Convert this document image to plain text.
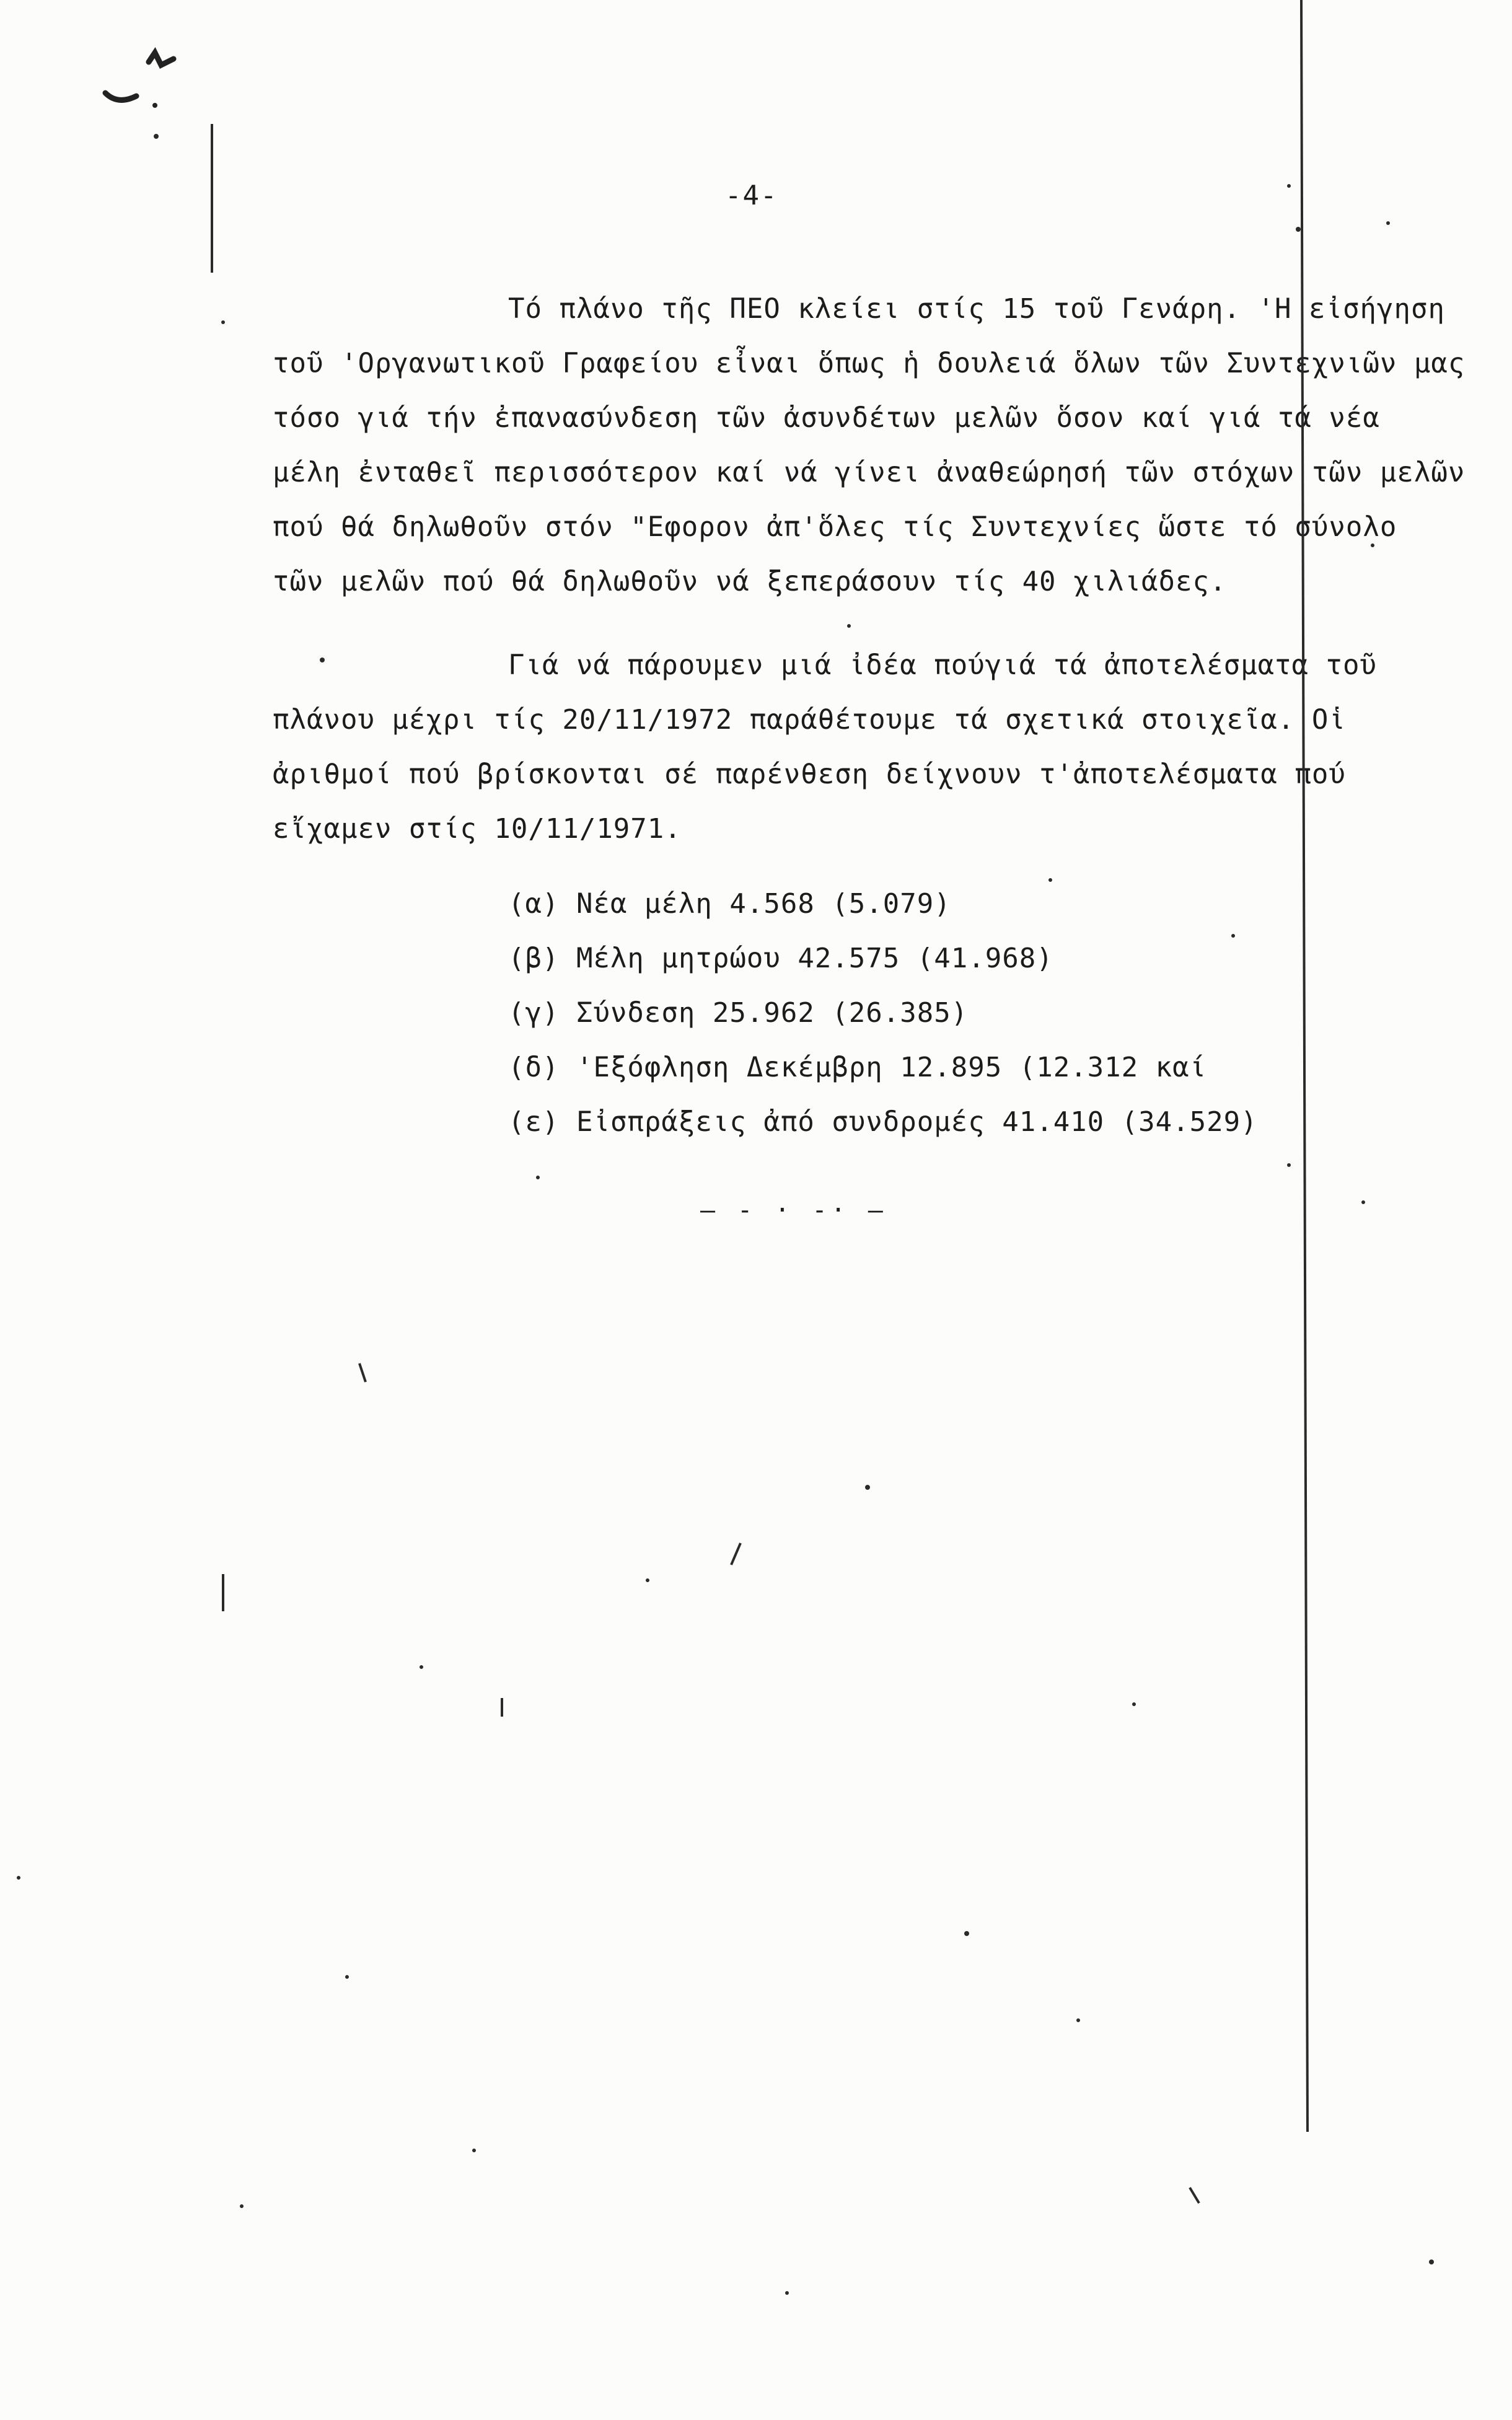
-4-
Τό πλάνο τῆς ΠΕΟ κλείει στίς 15 τοῦ Γενάρη. 'Η εἰσήγηση
τοῦ 'Οργανωτικοῦ Γραφείου εἶναι ὅπως ἡ δουλειά ὅλων τῶν Συντεχνιῶν μας
τόσο γιά τήν ἐπανασύνδεση τῶν ἀσυνδέτων μελῶν ὅσον καί γιά τά νέα
μέλη ἐνταθεῖ περισσότερον καί νά γίνει ἀναθεώρησή τῶν στόχων τῶν μελῶν
πού θά δηλωθοῦν στόν "Εφορον ἀπ'ὅλες τίς Συντεχνίες ὥστε τό σύνολο
τῶν μελῶν πού θά δηλωθοῦν νά ξεπεράσουν τίς 40 χιλιάδες.
Γιά νά πάρουμεν μιά ἰδέα πούγιά τά ἀποτελέσματα τοῦ
πλάνου μέχρι τίς 20/11/1972 παράθέτουμε τά σχετικά στοιχεῖα. Οἱ
ἀριθμοί πού βρίσκονται σέ παρένθεση δείχνουν τ'ἀποτελέσματα πού
εἴχαμεν στίς 10/11/1971.
(α) Νέα μέλη 4.568 (5.079)
(β) Μέλη μητρώου 42.575 (41.968)
(γ) Σύνδεση 25.962 (26.385)
(δ) 'Εξόφληση Δεκέμβρη 12.895 (12.312 καί
(ε) Εἰσπράξεις ἀπό συνδρομές 41.410 (34.529)
— - · -· —
